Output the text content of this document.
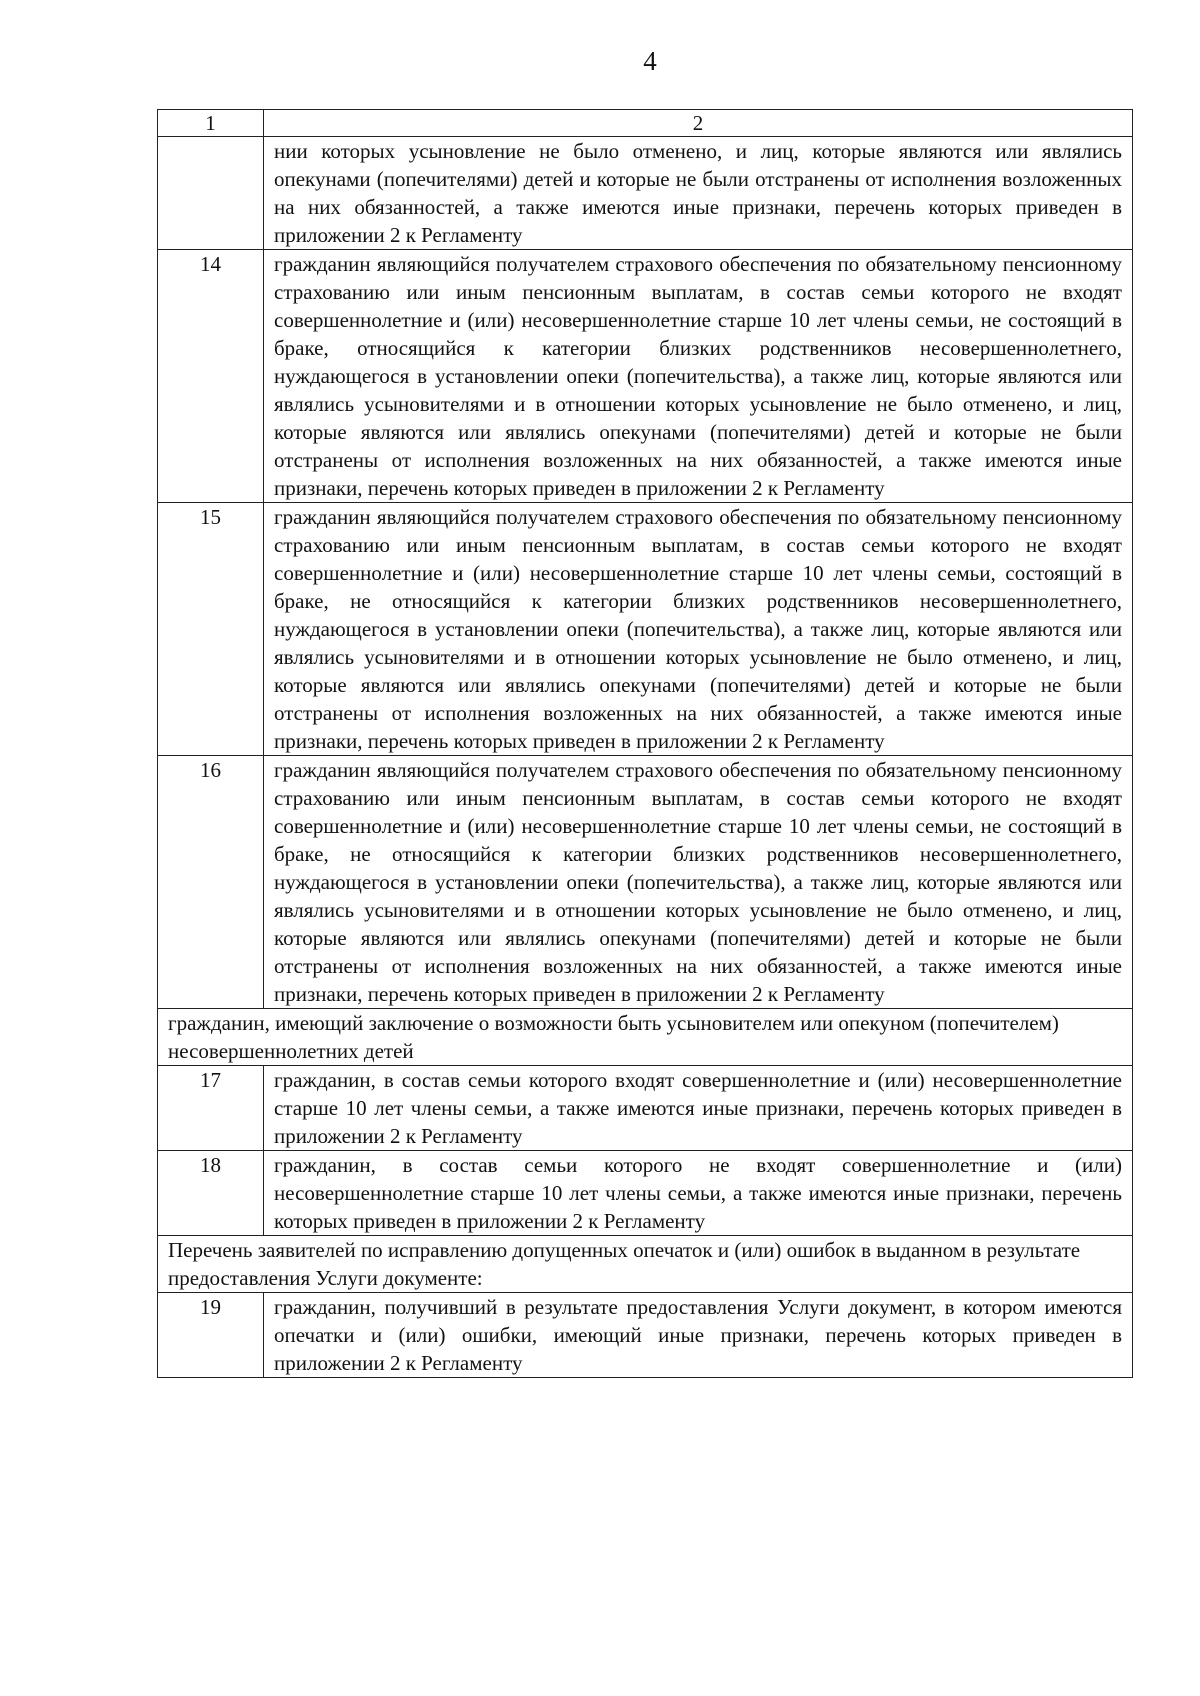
4
1	2
	нии которых усыновление не было отменено, и лиц, которые являются или являлись опекунами (попечителями) детей и которые не были отстранены от исполнения возложенных на них обязанностей, а также имеются иные признаки, перечень которых приведен в приложении 2 к Регламенту
14	гражданин являющийся получателем страхового обеспечения по обязательному пенсионному страхованию или иным пенсионным выплатам, в состав семьи которого не входят совершеннолетние и (или) несовершеннолетние старше 10 лет члены семьи, не состоящий в браке, относящийся к категории близких родственников несовершеннолетнего, нуждающегося в установлении опеки (попечительства), а также лиц, которые являются или являлись усыновителями и в отношении которых усыновление не было отменено, и лиц, которые являются или являлись опекунами (попечителями) детей и которые не были отстранены от исполнения возложенных на них обязанностей, а также имеются иные признаки, перечень которых приведен в приложении 2 к Регламенту
15	гражданин являющийся получателем страхового обеспечения по обязательному пенсионному страхованию или иным пенсионным выплатам, в состав семьи которого не входят совершеннолетние и (или) несовершеннолетние старше 10 лет члены семьи, состоящий в браке, не относящийся к категории близких родственников несовершеннолетнего, нуждающегося в установлении опеки (попечительства), а также лиц, которые являются или являлись усыновителями и в отношении которых усыновление не было отменено, и лиц, которые являются или являлись опекунами (попечителями) детей и которые не были отстранены от исполнения возложенных на них обязанностей, а также имеются иные признаки, перечень которых приведен в приложении 2 к Регламенту
16	гражданин являющийся получателем страхового обеспечения по обязательному пенсионному страхованию или иным пенсионным выплатам, в состав семьи которого не входят совершеннолетние и (или) несовершеннолетние старше 10 лет члены семьи, не состоящий в браке, не относящийся к категории близких родственников несовершеннолетнего, нуждающегося в установлении опеки (попечительства), а также лиц, которые являются или являлись усыновителями и в отношении которых усыновление не было отменено, и лиц, которые являются или являлись опекунами (попечителями) детей и которые не были отстранены от исполнения возложенных на них обязанностей, а также имеются иные признаки, перечень которых приведен в приложении 2 к Регламенту
гражданин, имеющий заключение о возможности быть усыновителем или опекуном (попечителем) несовершеннолетних детей	
17	гражданин, в состав семьи которого входят совершеннолетние и (или) несовершеннолетние старше 10 лет члены семьи, а также имеются иные признаки, перечень которых приведен в приложении 2 к Регламенту
18	гражданин, в состав семьи которого не входят совершеннолетние и (или) несовершеннолетние старше 10 лет члены семьи, а также имеются иные признаки, перечень которых приведен в приложении 2 к Регламенту
Перечень заявителей по исправлению допущенных опечаток и (или) ошибок в выданном в результате предоставления Услуги документе:	
19	гражданин, получивший в результате предоставления Услуги документ, в котором имеются опечатки и (или) ошибки, имеющий иные признаки, перечень которых приведен в приложении 2 к Регламенту
